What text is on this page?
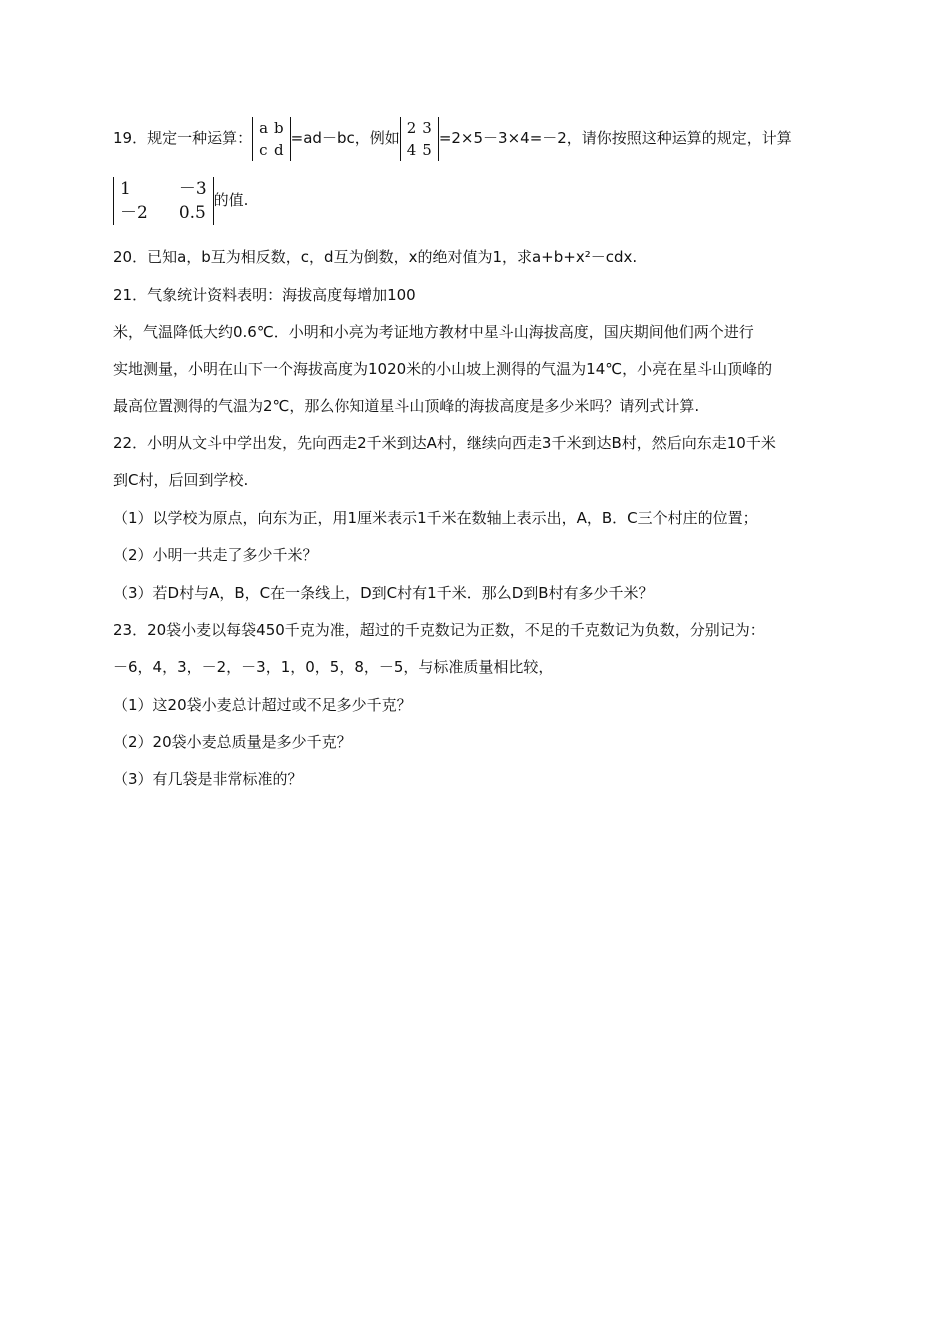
19．规定一种运算：
a	b
c	d
=ad－bc，例如
2	3
4	5
=2×5－3×4=－2，请你按照这种运算的规定，计算
1	－3
－2	0.5
的值.
20．已知a，b互为相反数，c，d互为倒数，x的绝对值为1，求a+b+x²－cdx.
21．气象统计资料表明：海拔高度每增加100
米，气温降低大约0.6℃．小明和小亮为考证地方教材中星斗山海拔高度，国庆期间他们两个进行
实地测量，小明在山下一个海拔高度为1020米的小山坡上测得的气温为14℃，小亮在星斗山顶峰的
最高位置测得的气温为2℃，那么你知道星斗山顶峰的海拔高度是多少米吗？请列式计算.
22．小明从文斗中学出发，先向西走2千米到达A村，继续向西走3千米到达B村，然后向东走10千米
到C村，后回到学校.
（1）以学校为原点，向东为正，用1厘米表示1千米在数轴上表示出，A，B．C三个村庄的位置；
（2）小明一共走了多少千米？
（3）若D村与A，B，C在一条线上，D到C村有1千米．那么D到B村有多少千米？
23．20袋小麦以每袋450千克为准，超过的千克数记为正数，不足的千克数记为负数，分别记为：
－6，4，3，－2，－3，1，0，5，8，－5，与标准质量相比较，
（1）这20袋小麦总计超过或不足多少千克？
（2）20袋小麦总质量是多少千克？
（3）有几袋是非常标准的？
